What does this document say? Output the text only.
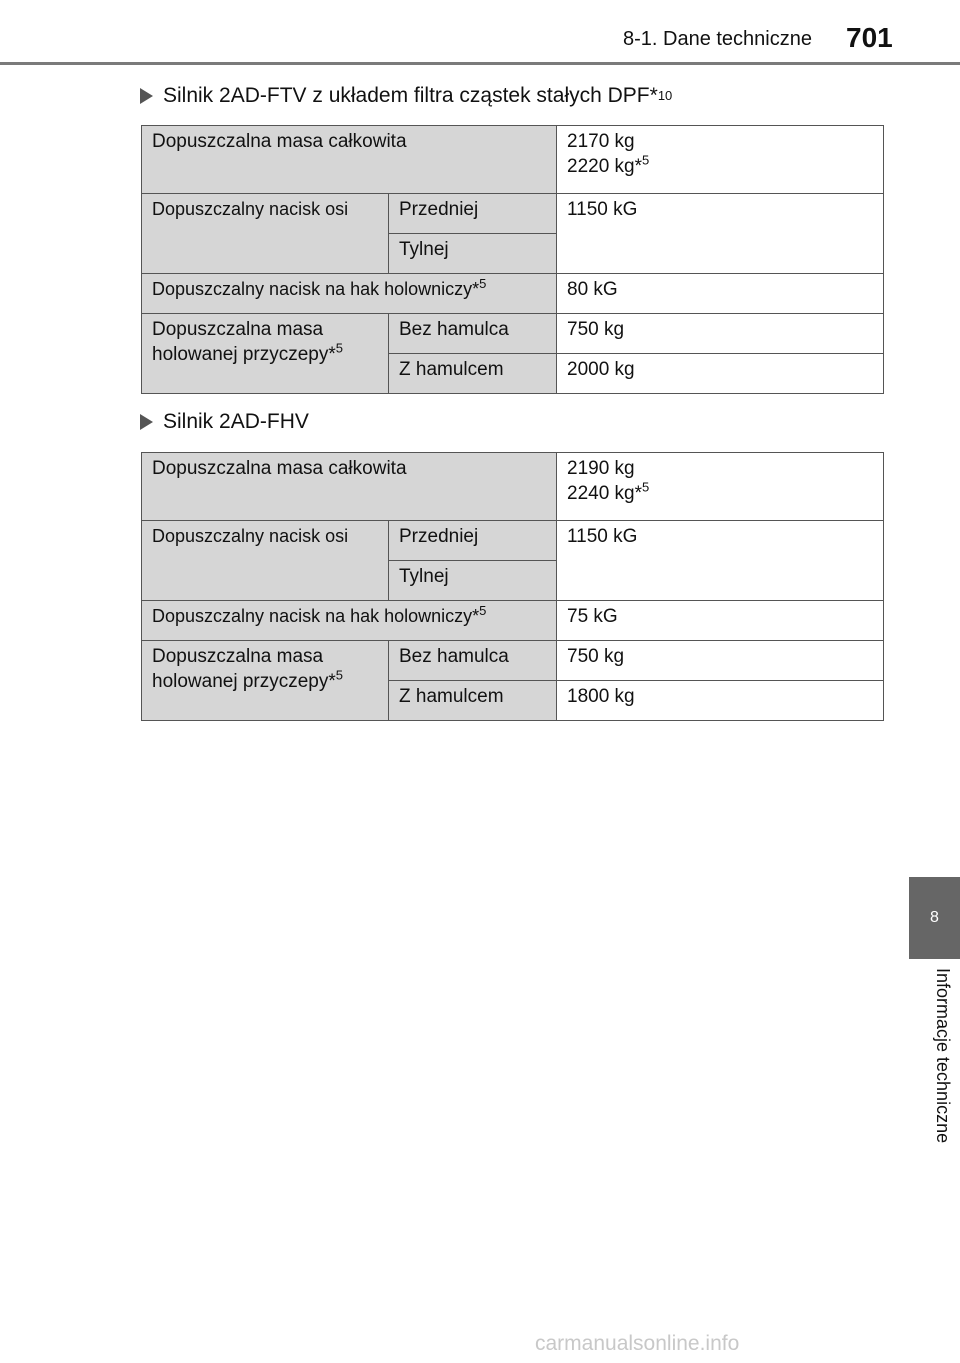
8-1. Dane techniczne 701
Silnik 2AD-FTV z układem filtra cząstek stałych DPF* 10
Dopuszczalna masa całkowita		2170 kg
2220 kg*$^5$

Dopuszczalny nacisk osi	Przedniej	1150 kG
	Tylnej	
Dopuszczalny nacisk na hak holowniczy*$^5$		80 kG

Dopuszczalna masa
holowanej przyczepy*$^5$	Bez hamulca	750 kg
	Z hamulcem	2000 kg
Silnik 2AD-FHV
Dopuszczalna masa całkowita		2190 kg
2240 kg*$^5$

Dopuszczalny nacisk osi	Przedniej	1150 kG
	Tylnej	
Dopuszczalny nacisk na hak holowniczy*$^5$		75 kG

Dopuszczalna masa
holowanej przyczepy*$^5$	Bez hamulca	750 kg
	Z hamulcem	1800 kg
8
Informacje techniczne
carmanualsonline.info
